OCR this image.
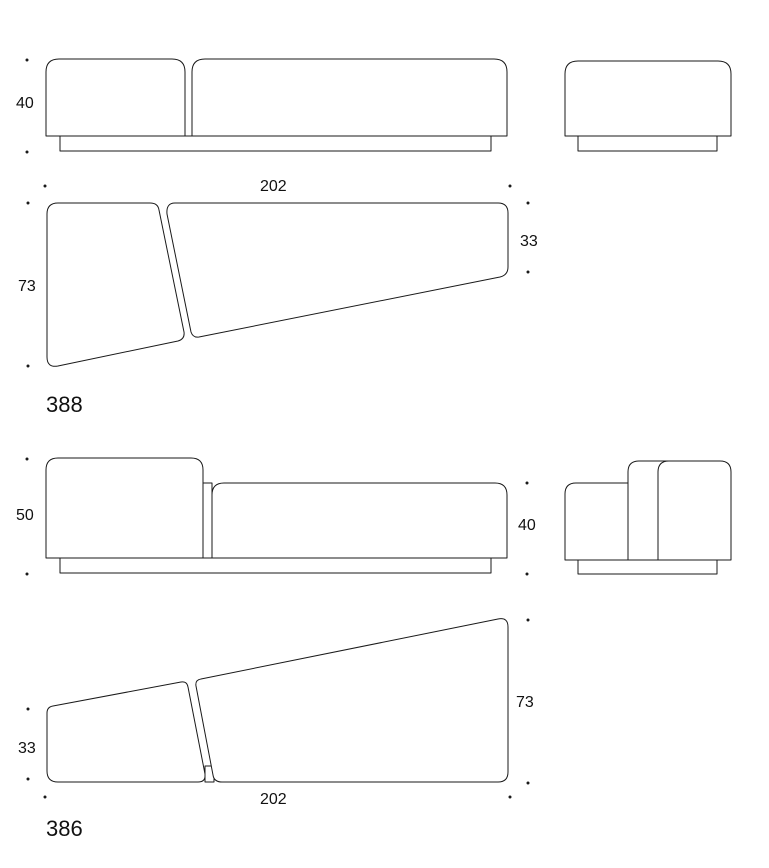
40
202
33
73
388
50
40
73
33
202
386
